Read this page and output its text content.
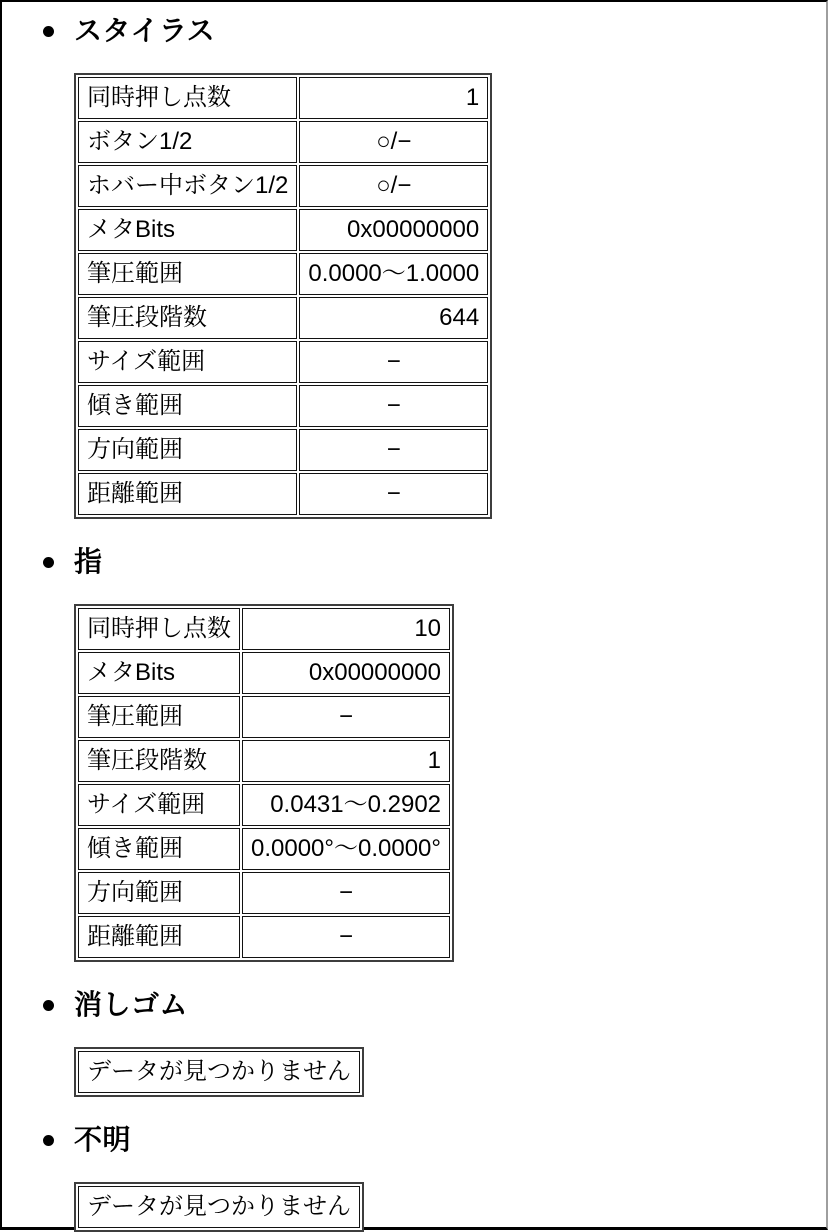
スタイラス
同時押し点数	1
ボタン1/2	○/−
ホバー中ボタン1/2	○/−
メタBits	0x00000000
筆圧範囲	0.0000〜1.0000
筆圧段階数	644
サイズ範囲	−
傾き範囲	−
方向範囲	−
距離範囲	−
指
同時押し点数	10
メタBits	0x00000000
筆圧範囲	−
筆圧段階数	1
サイズ範囲	0.0431〜0.2902
傾き範囲	0.0000°〜0.0000°
方向範囲	−
距離範囲	−
消しゴム
データが見つかりません
不明
データが見つかりません
